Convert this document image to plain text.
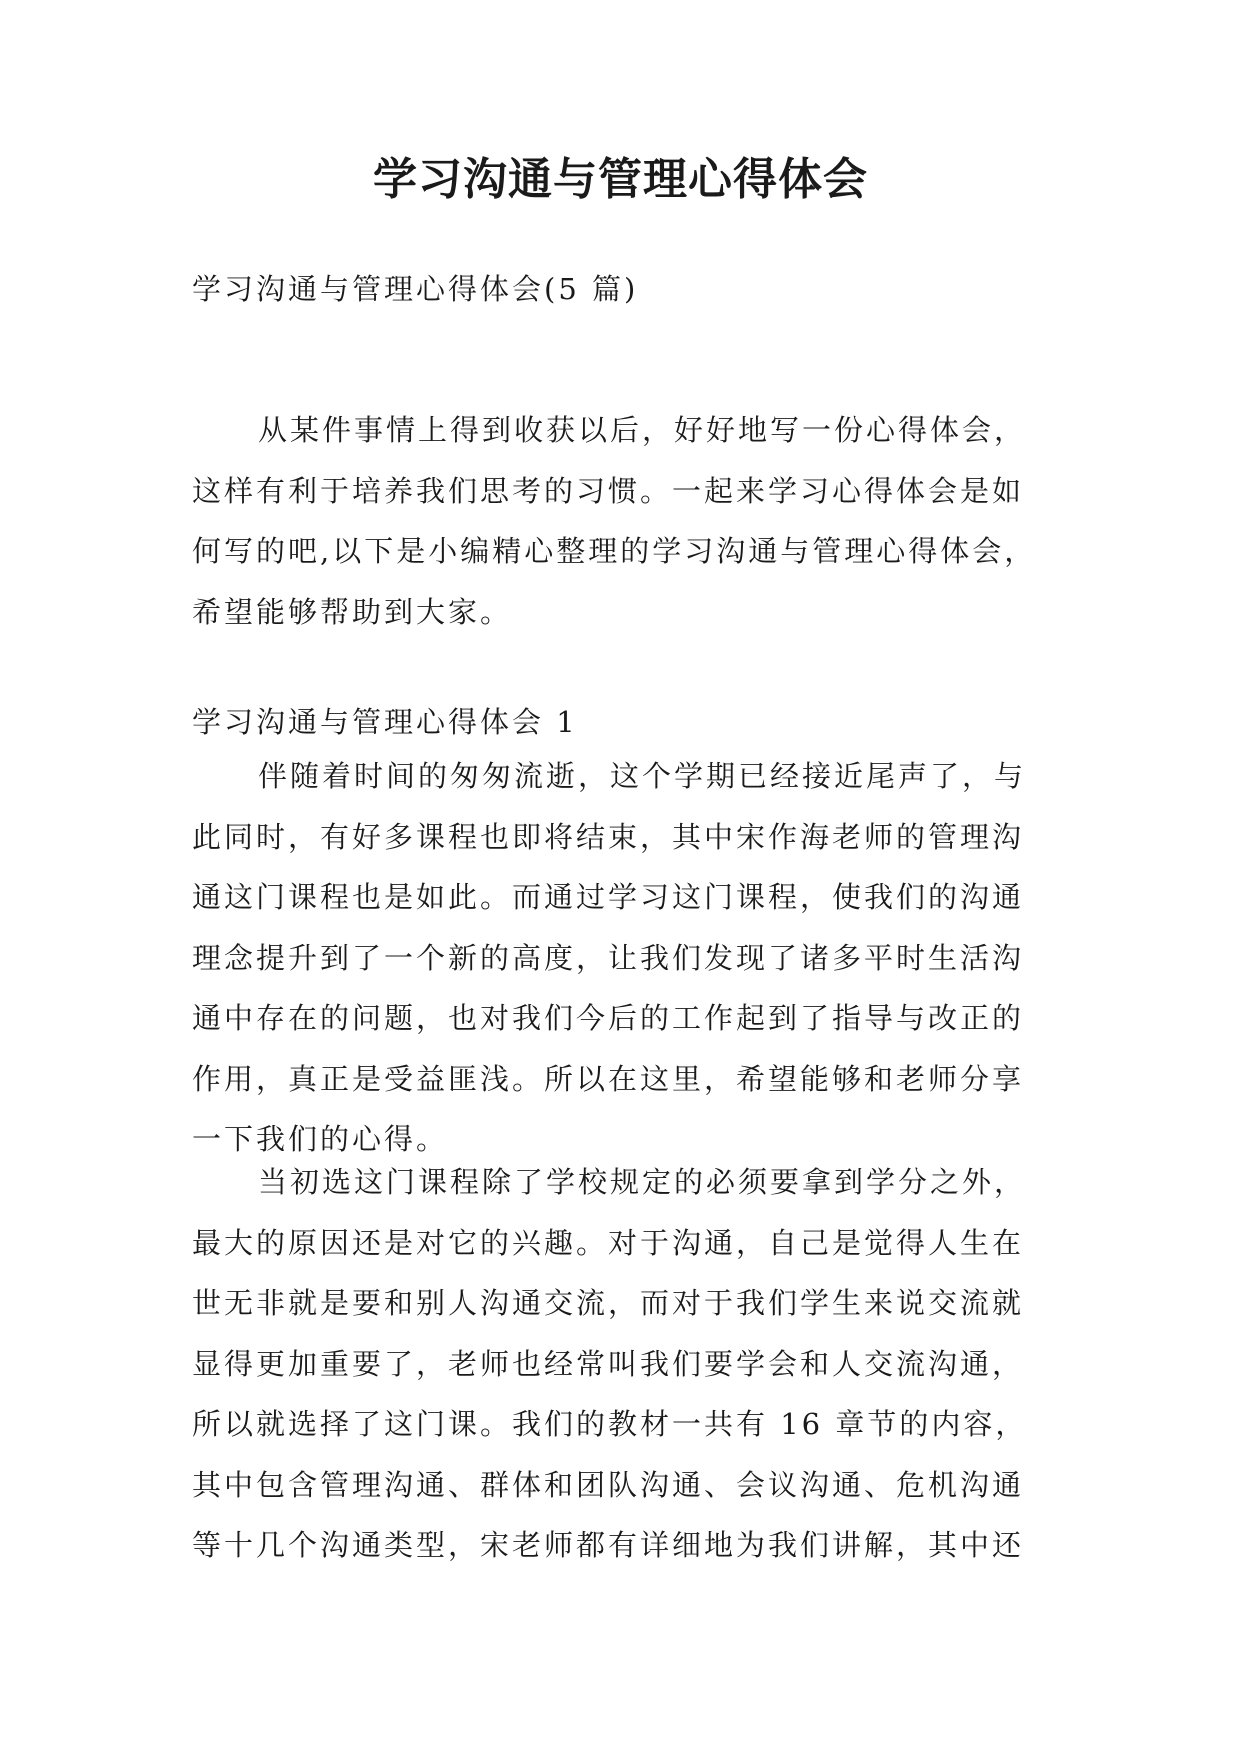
学习沟通与管理心得体会

学习沟通与管理心得体会(5 篇)

从某件事情上得到收获以后，好好地写一份心得体会，
这样有利于培养我们思考的习惯。一起来学习心得体会是如
何写的吧,以下是小编精心整理的学习沟通与管理心得体会，
希望能够帮助到大家。

学习沟通与管理心得体会 1

伴随着时间的匆匆流逝，这个学期已经接近尾声了，与
此同时，有好多课程也即将结束，其中宋作海老师的管理沟
通这门课程也是如此。而通过学习这门课程，使我们的沟通
理念提升到了一个新的高度，让我们发现了诸多平时生活沟
通中存在的问题，也对我们今后的工作起到了指导与改正的
作用，真正是受益匪浅。所以在这里，希望能够和老师分享
一下我们的心得。
当初选这门课程除了学校规定的必须要拿到学分之外，
最大的原因还是对它的兴趣。对于沟通，自己是觉得人生在
世无非就是要和别人沟通交流，而对于我们学生来说交流就
显得更加重要了，老师也经常叫我们要学会和人交流沟通，
所以就选择了这门课。我们的教材一共有 16 章节的内容，
其中包含管理沟通、群体和团队沟通、会议沟通、危机沟通
等十几个沟通类型，宋老师都有详细地为我们讲解，其中还
